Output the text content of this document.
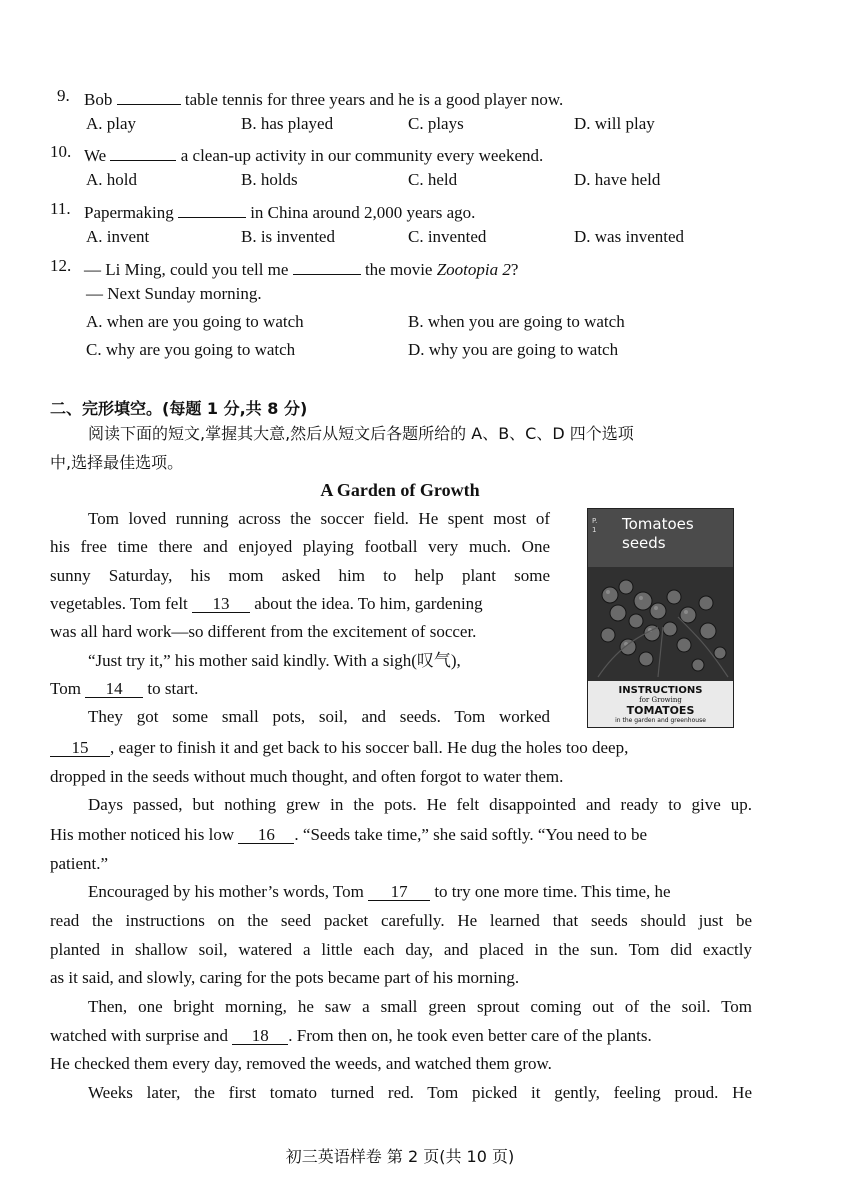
9. Bob	table tennis for three years and he is a good player now.
A. play	B. has played	C. plays	D. will play
10. We	a clean-up activity in our community every weekend.
A. hold	B. holds	C. held	D. have held
11. Papermaking	in China around 2,000 years ago.
A. invent	B. is invented	C. invented	D. was invented
12. — Li Ming, could you tell me	the movie Zootopia 2?
— Next Sunday morning.
A. when are you going to watch	B. when you are going to watch
C. why are you going to watch	D. why you are going to watch
二、完形填空。(每题 1 分,共 8 分)
阅读下面的短文,掌握其大意,然后从短文后各题所给的 A、B、C、D 四个选项
中,选择最佳选项。
A Garden of Growth
Tom loved running across the soccer field. He spent most of
his free time there and enjoyed playing football very much. One
sunny Saturday, his mom asked him to help plant some
vegetables. Tom felt 13 about the idea. To him, gardening
was all hard work—so different from the excitement of soccer.
“Just try it,” his mother said kindly. With a sigh(叹气),
Tom 14 to start.
They got some small pots, soil, and seeds. Tom worked
15 , eager to finish it and get back to his soccer ball. He dug the holes too deep,
dropped in the seeds without much thought, and often forgot to water them.
Days passed, but nothing grew in the pots. He felt disappointed and ready to give up.
His mother noticed his low 16 . “Seeds take time,” she said softly. “You need to be
patient.”
Encouraged by his mother’s words, Tom 17 to try one more time. This time, he
read the instructions on the seed packet carefully. He learned that seeds should just be
planted in shallow soil, watered a little each day, and placed in the sun. Tom did exactly
as it said, and slowly, caring for the pots became part of his morning.
Then, one bright morning, he saw a small green sprout coming out of the soil. Tom
watched with surprise and 18 . From then on, he took even better care of the plants.
He checked them every day, removed the weeds, and watched them grow.
Weeks later, the first tomato turned red. Tom picked it gently, feeling proud. He
P.
1 Tomatoes
seeds
INSTRUCTIONS
for Growing
TOMATOES
in the garden and greenhouse
初三英语样卷 第 2 页(共 10 页)
